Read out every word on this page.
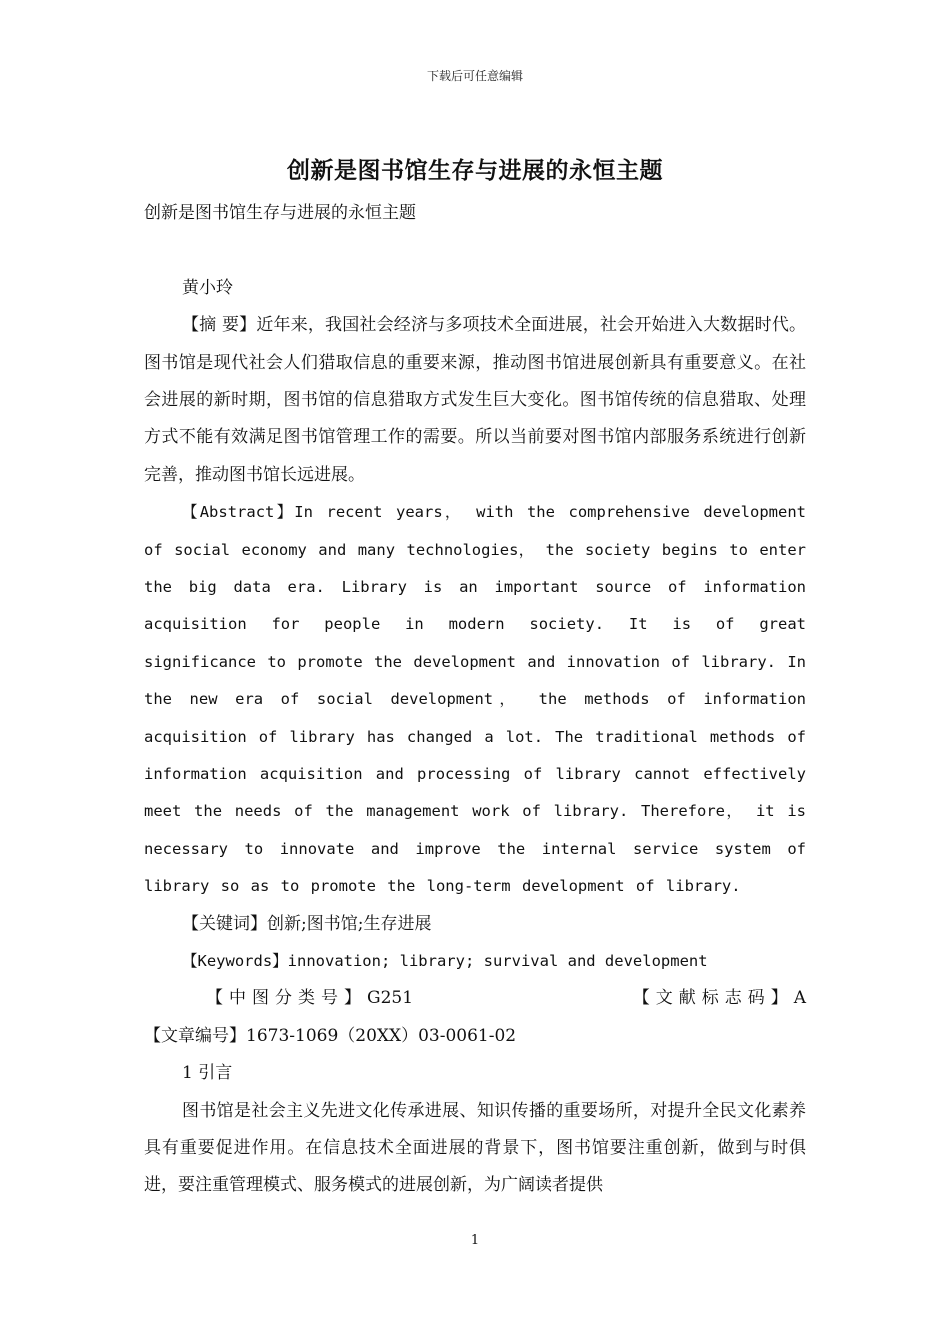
下载后可任意编辑
创新是图书馆生存与进展的永恒主题
创新是图书馆生存与进展的永恒主题
黄小玲

【摘 要】近年来，我国社会经济与多项技术全面进展，社会开始进入大数据时代。图书馆是现代社会人们猎取信息的重要来源，推动图书馆进展创新具有重要意义。在社会进展的新时期，图书馆的信息猎取方式发生巨大变化。图书馆传统的信息猎取、处理方式不能有效满足图书馆管理工作的需要。所以当前要对图书馆内部服务系统进行创新完善，推动图书馆长远进展。

【Abstract】In recent years， with the comprehensive development of social economy and many technologies， the society begins to enter the big data era. Library is an important source of information acquisition for people in modern society. It is of great significance to promote the development and innovation of library. In the new era of social development， the methods of information acquisition of library has changed a lot. The traditional methods of information acquisition and processing of library cannot effectively meet the needs of the management work of library. Therefore， it is necessary to innovate and improve the internal service system of library so as to promote the long-term development of library.

【关键词】创新;图书馆;生存进展
【Keywords】innovation; library; survival and development
【中图分类号】G251	【文献标志码】A
【文章编号】1673-1069（20XX）03-0061-02
1 引言

图书馆是社会主义先进文化传承进展、知识传播的重要场所，对提升全民文化素养具有重要促进作用。在信息技术全面进展的背景下，图书馆要注重创新，做到与时俱进，要注重管理模式、服务模式的进展创新，为广阔读者提供

1
